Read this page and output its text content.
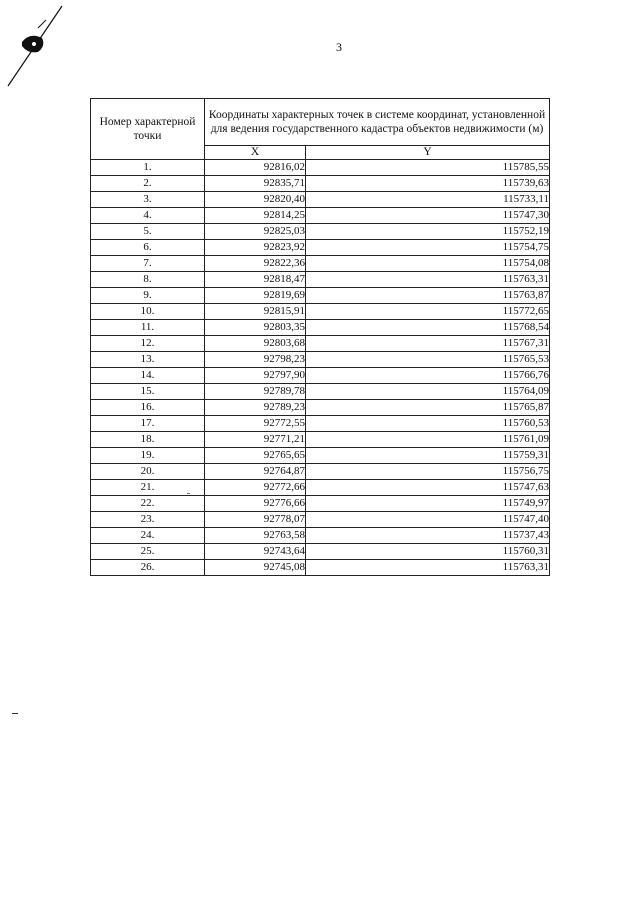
3
Номер характерной точки	Координаты характерных точек в системе координат, установленной для ведения государственного кадастра объектов недвижимости (м)	
	X	Y
1.	92816,02	115785,55
2.	92835,71	115739,63
3.	92820,40	115733,11
4.	92814,25	115747,30
5.	92825,03	115752,19
6.	92823,92	115754,75
7.	92822,36	115754,08
8.	92818,47	115763,31
9.	92819,69	115763,87
10.	92815,91	115772,65
11.	92803,35	115768,54
12.	92803,68	115767,31
13.	92798,23	115765,53
14.	92797,90	115766,76
15.	92789,78	115764,09
16.	92789,23	115765,87
17.	92772,55	115760,53
18.	92771,21	115761,09
19.	92765,65	115759,31
20.	92764,87	115756,75
21.	92772,66	115747,63
22.	92776,66	115749,97
23.	92778,07	115747,40
24.	92763,58	115737,43
25.	92743,64	115760,31
26.	92745,08	115763,31
